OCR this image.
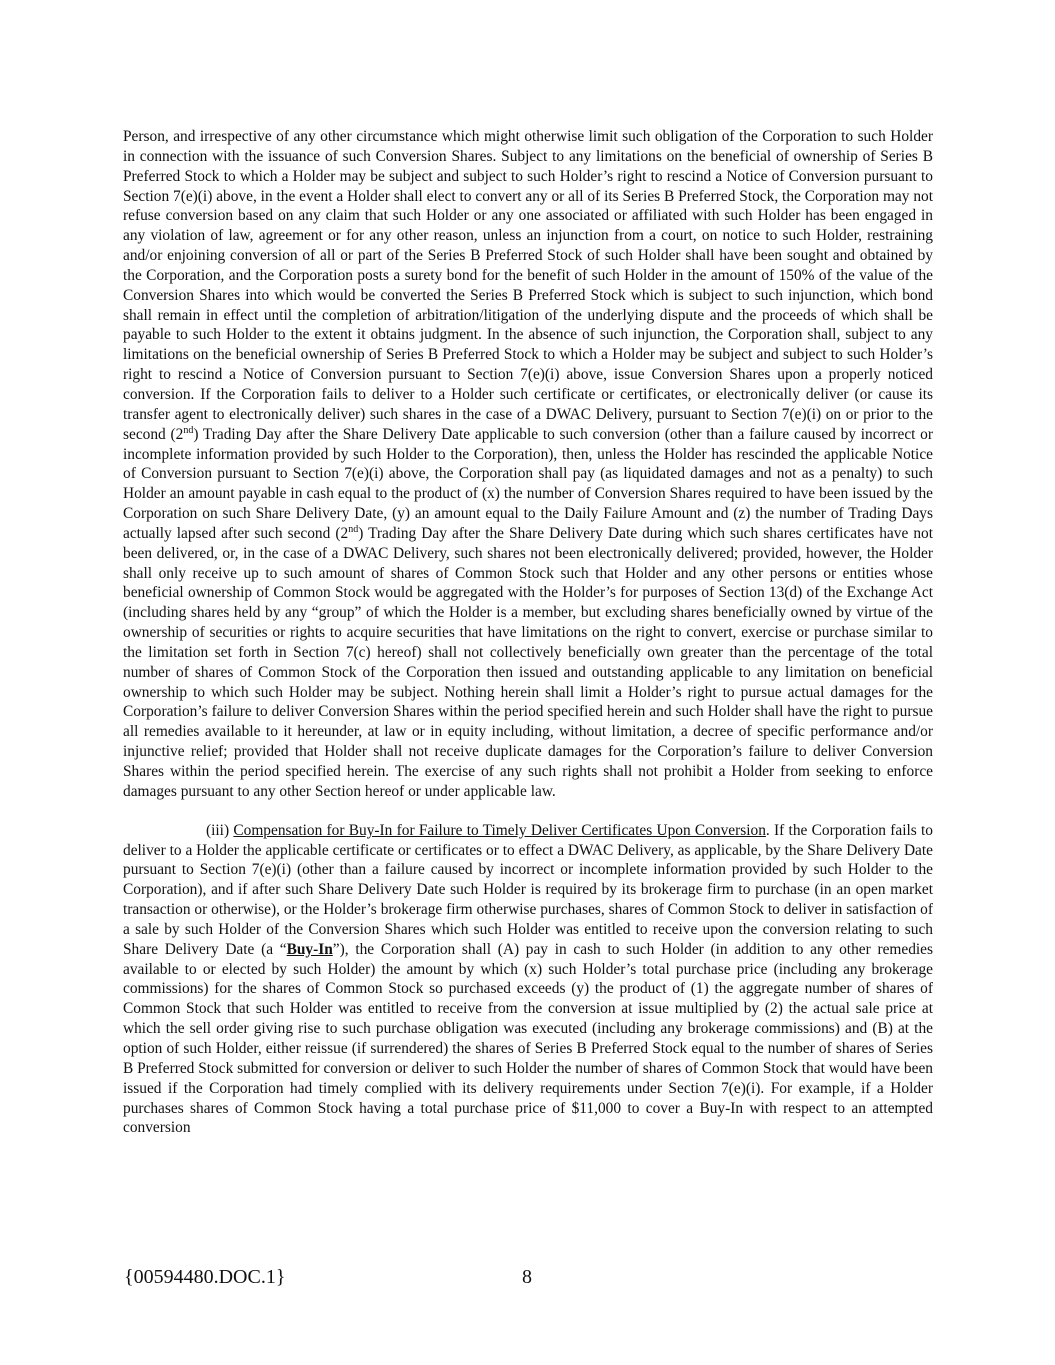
Person, and irrespective of any other circumstance which might otherwise limit such obligation of the Corporation to such Holder in connection with the issuance of such Conversion Shares. Subject to any limitations on the beneficial of ownership of Series B Preferred Stock to which a Holder may be subject and subject to such Holder’s right to rescind a Notice of Conversion pursuant to Section 7(e)(i) above, in the event a Holder shall elect to convert any or all of its Series B Preferred Stock, the Corporation may not refuse conversion based on any claim that such Holder or any one associated or affiliated with such Holder has been engaged in any violation of law, agreement or for any other reason, unless an injunction from a court, on notice to such Holder, restraining and/or enjoining conversion of all or part of the Series B Preferred Stock of such Holder shall have been sought and obtained by the Corporation, and the Corporation posts a surety bond for the benefit of such Holder in the amount of 150% of the value of the Conversion Shares into which would be converted the Series B Preferred Stock which is subject to such injunction, which bond shall remain in effect until the completion of arbitration/litigation of the underlying dispute and the proceeds of which shall be payable to such Holder to the extent it obtains judgment. In the absence of such injunction, the Corporation shall, subject to any limitations on the beneficial ownership of Series B Preferred Stock to which a Holder may be subject and subject to such Holder’s right to rescind a Notice of Conversion pursuant to Section 7(e)(i) above, issue Conversion Shares upon a properly noticed conversion. If the Corporation fails to deliver to a Holder such certificate or certificates, or electronically deliver (or cause its transfer agent to electronically deliver) such shares in the case of a DWAC Delivery, pursuant to Section 7(e)(i) on or prior to the second (2nd) Trading Day after the Share Delivery Date applicable to such conversion (other than a failure caused by incorrect or incomplete information provided by such Holder to the Corporation), then, unless the Holder has rescinded the applicable Notice of Conversion pursuant to Section 7(e)(i) above, the Corporation shall pay (as liquidated damages and not as a penalty) to such Holder an amount payable in cash equal to the product of (x) the number of Conversion Shares required to have been issued by the Corporation on such Share Delivery Date, (y) an amount equal to the Daily Failure Amount and (z) the number of Trading Days actually lapsed after such second (2nd) Trading Day after the Share Delivery Date during which such shares certificates have not been delivered, or, in the case of a DWAC Delivery, such shares not been electronically delivered; provided, however, the Holder shall only receive up to such amount of shares of Common Stock such that Holder and any other persons or entities whose beneficial ownership of Common Stock would be aggregated with the Holder’s for purposes of Section 13(d) of the Exchange Act (including shares held by any “group” of which the Holder is a member, but excluding shares beneficially owned by virtue of the ownership of securities or rights to acquire securities that have limitations on the right to convert, exercise or purchase similar to the limitation set forth in Section 7(c) hereof) shall not collectively beneficially own greater than the percentage of the total number of shares of Common Stock of the Corporation then issued and outstanding applicable to any limitation on beneficial ownership to which such Holder may be subject. Nothing herein shall limit a Holder’s right to pursue actual damages for the Corporation’s failure to deliver Conversion Shares within the period specified herein and such Holder shall have the right to pursue all remedies available to it hereunder, at law or in equity including, without limitation, a decree of specific performance and/or injunctive relief; provided that Holder shall not receive duplicate damages for the Corporation’s failure to deliver Conversion Shares within the period specified herein. The exercise of any such rights shall not prohibit a Holder from seeking to enforce damages pursuant to any other Section hereof or under applicable law.

(iii) Compensation for Buy-In for Failure to Timely Deliver Certificates Upon Conversion. If the Corporation fails to deliver to a Holder the applicable certificate or certificates or to effect a DWAC Delivery, as applicable, by the Share Delivery Date pursuant to Section 7(e)(i) (other than a failure caused by incorrect or incomplete information provided by such Holder to the Corporation), and if after such Share Delivery Date such Holder is required by its brokerage firm to purchase (in an open market transaction or otherwise), or the Holder’s brokerage firm otherwise purchases, shares of Common Stock to deliver in satisfaction of a sale by such Holder of the Conversion Shares which such Holder was entitled to receive upon the conversion relating to such Share Delivery Date (a “Buy-In”), the Corporation shall (A) pay in cash to such Holder (in addition to any other remedies available to or elected by such Holder) the amount by which (x) such Holder’s total purchase price (including any brokerage commissions) for the shares of Common Stock so purchased exceeds (y) the product of (1) the aggregate number of shares of Common Stock that such Holder was entitled to receive from the conversion at issue multiplied by (2) the actual sale price at which the sell order giving rise to such purchase obligation was executed (including any brokerage commissions) and (B) at the option of such Holder, either reissue (if surrendered) the shares of Series B Preferred Stock equal to the number of shares of Series B Preferred Stock submitted for conversion or deliver to such Holder the number of shares of Common Stock that would have been issued if the Corporation had timely complied with its delivery requirements under Section 7(e)(i). For example, if a Holder purchases shares of Common Stock having a total purchase price of $11,000 to cover a Buy-In with respect to an attempted conversion

{00594480.DOC.1}	8
